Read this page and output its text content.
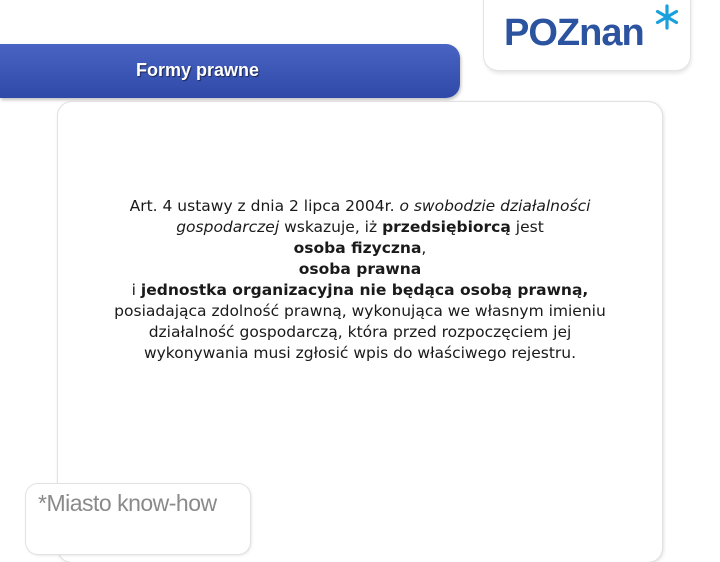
Formy prawne
POZnan
Art. 4 ustawy z dnia 2 lipca 2004r. o swobodzie działalności gospodarczej wskazuje, iż przedsiębiorcą jest
osoba fizyczna,
osoba prawna
i jednostka organizacyjna nie będąca osobą prawną, posiadająca zdolność prawną, wykonująca we własnym imieniu działalność gospodarczą, która przed rozpoczęciem jej wykonywania musi zgłosić wpis do właściwego rejestru.
*Miasto know-how
